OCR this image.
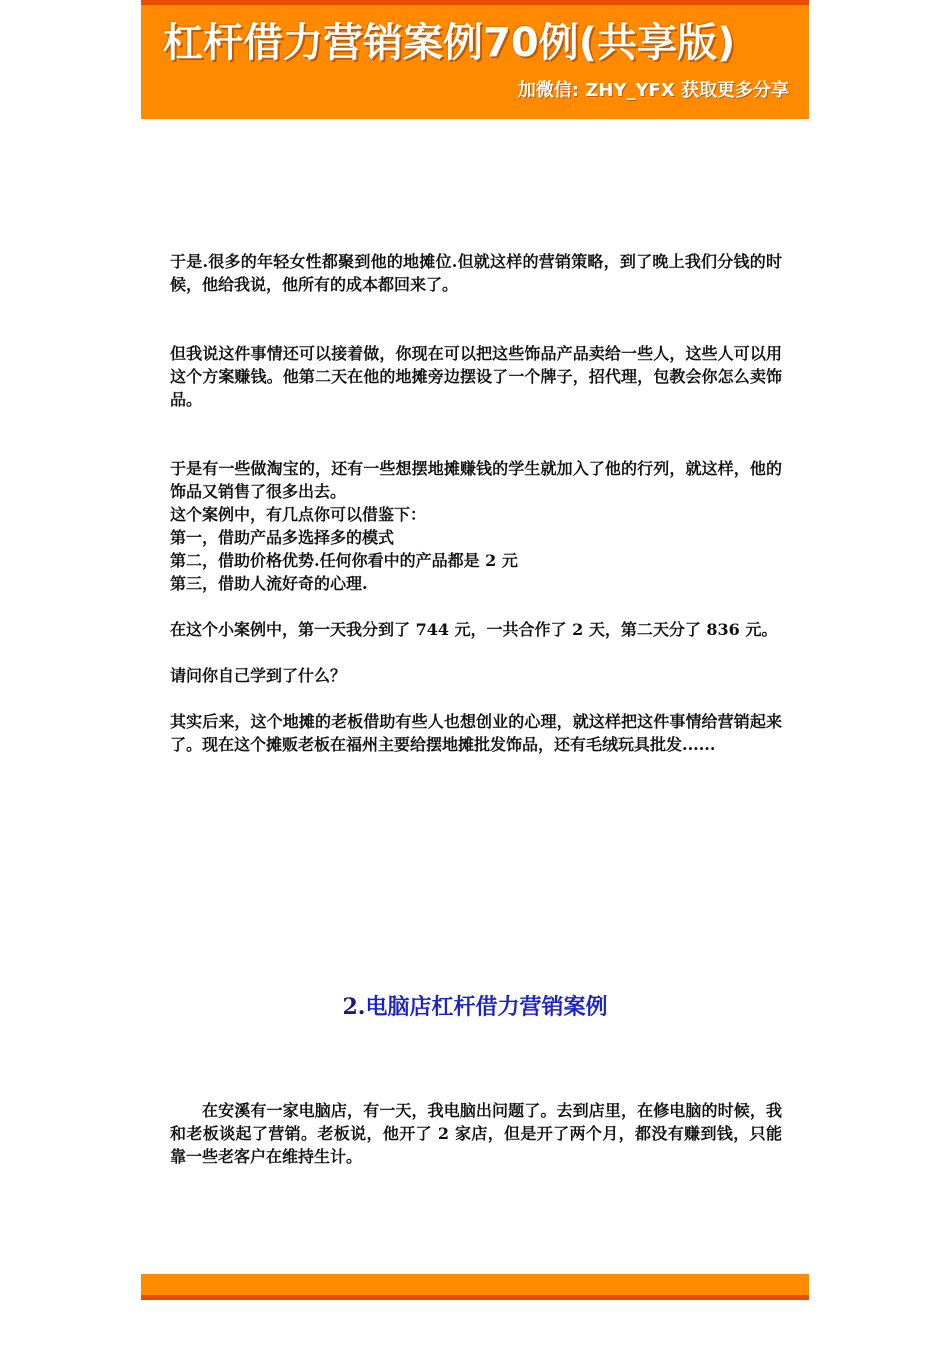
杠杆借力营销案例70例(共享版)
加微信: ZHY_YFX 获取更多分享

于是.很多的年轻女性都聚到他的地摊位.但就这样的营销策略，到了晚上我们分钱的时候，他给我说，他所有的成本都回来了。

但我说这件事情还可以接着做，你现在可以把这些饰品产品卖给一些人，这些人可以用这个方案赚钱。他第二天在他的地摊旁边摆设了一个牌子，招代理，包教会你怎么卖饰品。

于是有一些做淘宝的，还有一些想摆地摊赚钱的学生就加入了他的行列，就这样，他的饰品又销售了很多出去。

这个案例中，有几点你可以借鉴下：

第一，借助产品多选择多的模式

第二，借助价格优势.任何你看中的产品都是 2 元

第三，借助人流好奇的心理.

在这个小案例中，第一天我分到了 744 元，一共合作了 2 天，第二天分了 836 元。

请问你自己学到了什么？

其实后来，这个地摊的老板借助有些人也想创业的心理，就这样把这件事情给营销起来了。现在这个摊贩老板在福州主要给摆地摊批发饰品，还有毛绒玩具批发......

2.电脑店杠杆借力营销案例

在安溪有一家电脑店，有一天，我电脑出问题了。去到店里，在修电脑的时候，我和老板谈起了营销。老板说，他开了 2 家店，但是开了两个月，都没有赚到钱，只能靠一些老客户在维持生计。
